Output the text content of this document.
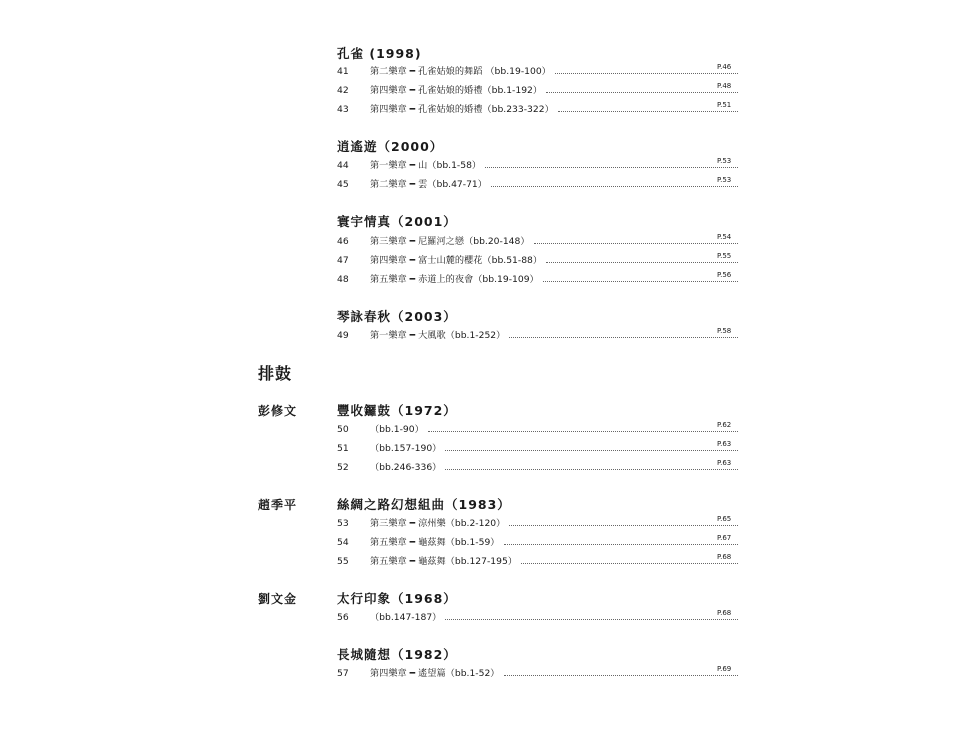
孔雀 (1998)
41	第二樂章 ━ 孔雀姑娘的舞蹈 （bb.19-100）	P.46
42	第四樂章 ━ 孔雀姑娘的婚禮（bb.1-192）	P.48
43	第四樂章 ━ 孔雀姑娘的婚禮（bb.233-322）	P.51
逍遙遊（2000）
44	第一樂章 ━ 山（bb.1-58）	P.53
45	第二樂章 ━ 雲（bb.47-71）	P.53
寰宇情真（2001）
46	第三樂章 ━ 尼羅河之戀（bb.20-148）	P.54
47	第四樂章 ━ 富士山麓的櫻花（bb.51-88）	P.55
48	第五樂章 ━ 赤道上的夜會（bb.19-109）	P.56
琴詠春秋（2003）
49	第一樂章 ━ 大風歌（bb.1-252）	P.58
排鼓
彭修文	豐收鑼鼓（1972）
50	（bb.1-90）	P.62
51	（bb.157-190）	P.63
52	（bb.246-336）	P.63
趙季平	絲綢之路幻想組曲（1983）
53	第三樂章 ━ 涼州樂（bb.2-120）	P.65
54	第五樂章 ━ 龜茲舞（bb.1-59）	P.67
55	第五樂章 ━ 龜茲舞（bb.127-195）	P.68
劉文金	太行印象（1968）
56	（bb.147-187）	P.68
長城隨想（1982）
57	第四樂章 ━ 遙望篇（bb.1-52）	P.69
